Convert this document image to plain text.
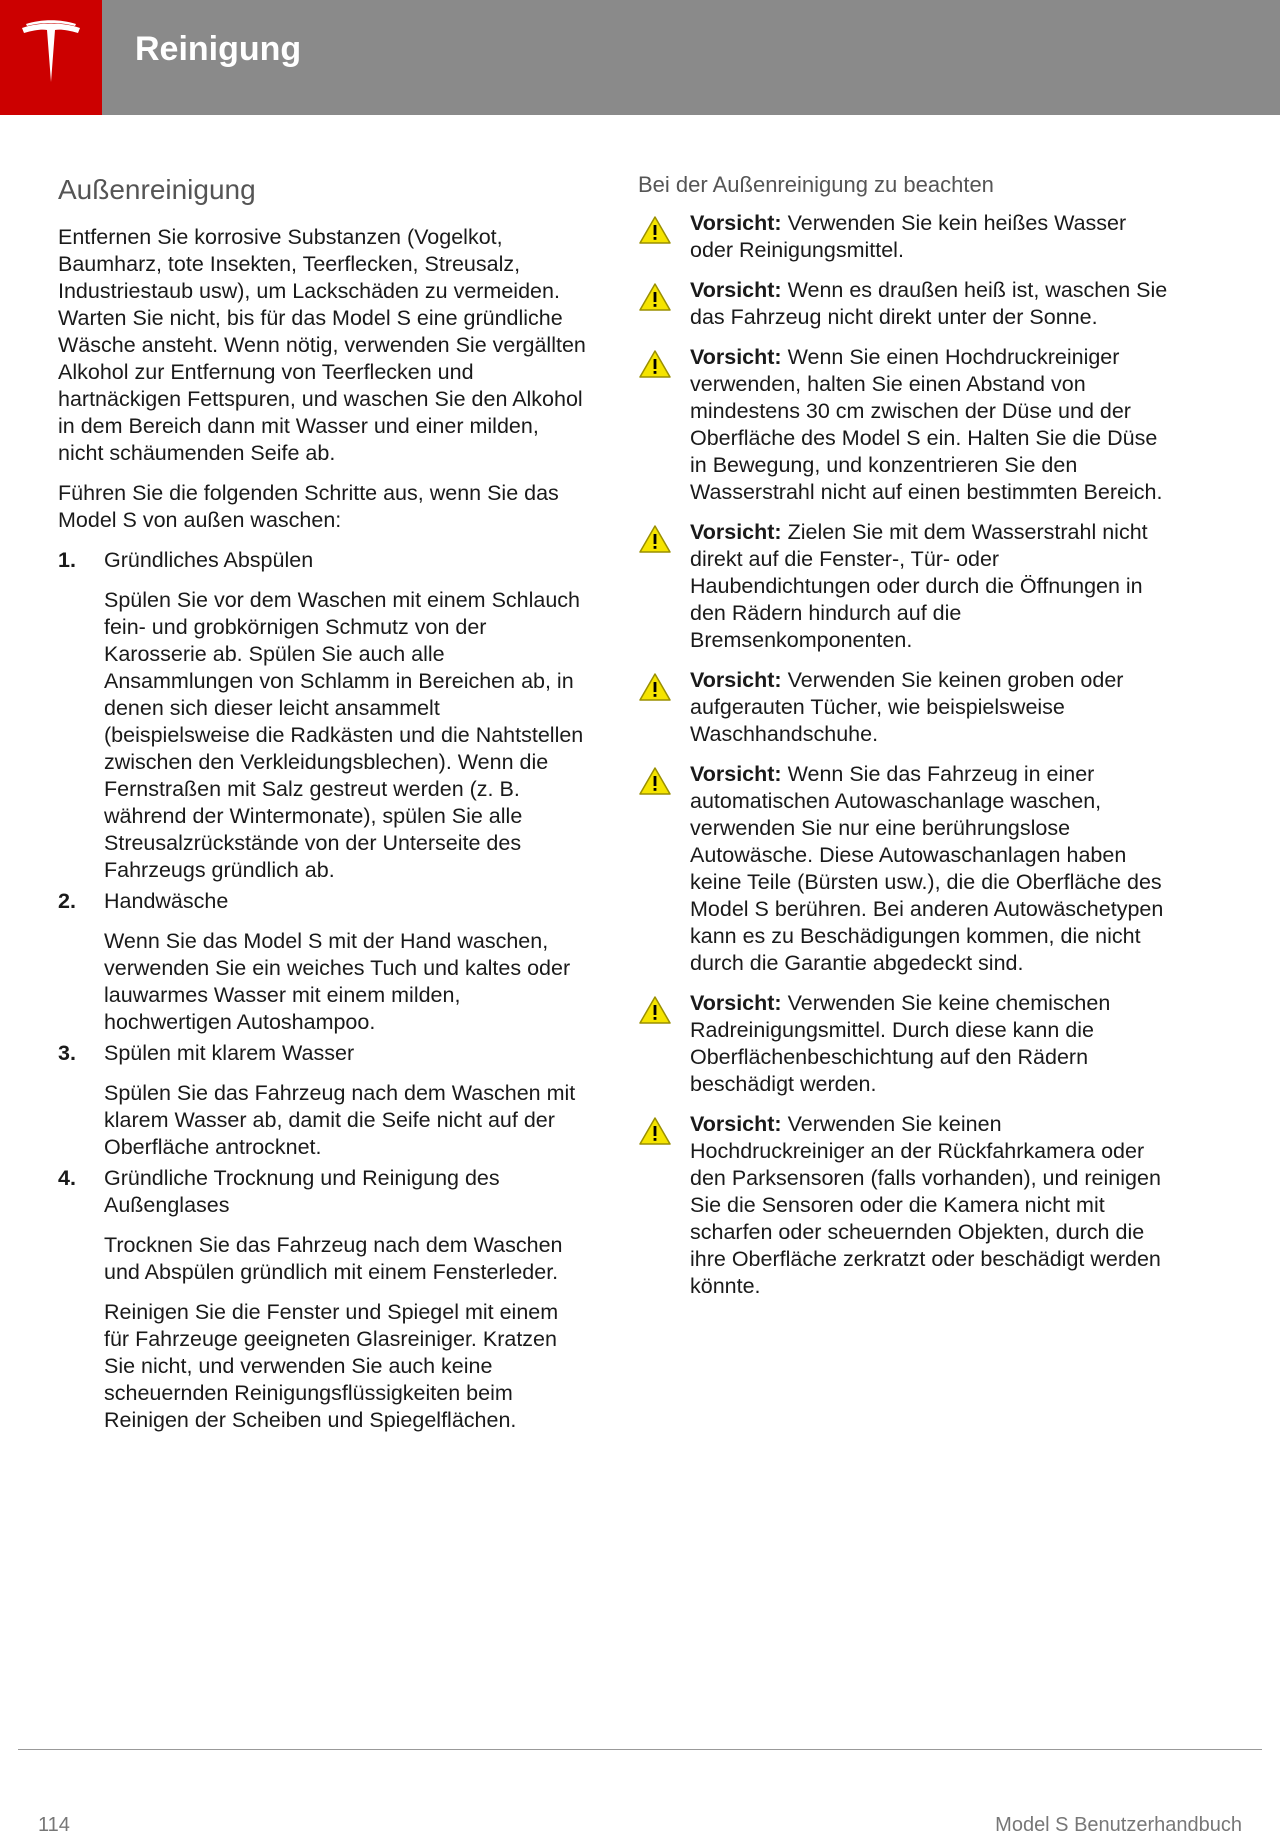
Reinigung
Außenreinigung

Entfernen Sie korrosive Substanzen (Vogelkot, Baumharz, tote Insekten, Teerflecken, Streusalz, Industriestaub usw), um Lackschäden zu vermeiden. Warten Sie nicht, bis für das Model S eine gründliche Wäsche ansteht. Wenn nötig, verwenden Sie vergällten Alkohol zur Entfernung von Teerflecken und hartnäckigen Fettspuren, und waschen Sie den Alkohol in dem Bereich dann mit Wasser und einer milden, nicht schäumenden Seife ab.

Führen Sie die folgenden Schritte aus, wenn Sie das Model S von außen waschen:

1. Gründliches Abspülen
Spülen Sie vor dem Waschen mit einem Schlauch fein- und grobkörnigen Schmutz von der Karosserie ab. Spülen Sie auch alle Ansammlungen von Schlamm in Bereichen ab, in denen sich dieser leicht ansammelt (beispielsweise die Radkästen und die Nahtstellen zwischen den Verkleidungsblechen). Wenn die Fernstraßen mit Salz gestreut werden (z. B. während der Wintermonate), spülen Sie alle Streusalzrückstände von der Unterseite des Fahrzeugs gründlich ab.
2. Handwäsche
Wenn Sie das Model S mit der Hand waschen, verwenden Sie ein weiches Tuch und kaltes oder lauwarmes Wasser mit einem milden, hochwertigen Autoshampoo.
3. Spülen mit klarem Wasser
Spülen Sie das Fahrzeug nach dem Waschen mit klarem Wasser ab, damit die Seife nicht auf der Oberfläche antrocknet.
4. Gründliche Trocknung und Reinigung des Außenglases
Trocknen Sie das Fahrzeug nach dem Waschen und Abspülen gründlich mit einem Fensterleder.
Reinigen Sie die Fenster und Spiegel mit einem für Fahrzeuge geeigneten Glasreiniger. Kratzen Sie nicht, und verwenden Sie auch keine scheuernden Reinigungsflüssigkeiten beim Reinigen der Scheiben und Spiegelflächen.
Bei der Außenreinigung zu beachten
Vorsicht: Verwenden Sie kein heißes Wasser oder Reinigungsmittel.
Vorsicht: Wenn es draußen heiß ist, waschen Sie das Fahrzeug nicht direkt unter der Sonne.
Vorsicht: Wenn Sie einen Hochdruckreiniger verwenden, halten Sie einen Abstand von mindestens 30 cm zwischen der Düse und der Oberfläche des Model S ein. Halten Sie die Düse in Bewegung, und konzentrieren Sie den Wasserstrahl nicht auf einen bestimmten Bereich.
Vorsicht: Zielen Sie mit dem Wasserstrahl nicht direkt auf die Fenster-, Tür- oder Haubendichtungen oder durch die Öffnungen in den Rädern hindurch auf die Bremsenkomponenten.
Vorsicht: Verwenden Sie keinen groben oder aufgerauten Tücher, wie beispielsweise Waschhandschuhe.
Vorsicht: Wenn Sie das Fahrzeug in einer automatischen Autowaschanlage waschen, verwenden Sie nur eine berührungslose Autowäsche. Diese Autowaschanlagen haben keine Teile (Bürsten usw.), die die Oberfläche des Model S berühren. Bei anderen Autowäschetypen kann es zu Beschädigungen kommen, die nicht durch die Garantie abgedeckt sind.
Vorsicht: Verwenden Sie keine chemischen Radreinigungsmittel. Durch diese kann die Oberflächenbeschichtung auf den Rädern beschädigt werden.
Vorsicht: Verwenden Sie keinen Hochdruckreiniger an der Rückfahrkamera oder den Parksensoren (falls vorhanden), und reinigen Sie die Sensoren oder die Kamera nicht mit scharfen oder scheuernden Objekten, durch die ihre Oberfläche zerkratzt oder beschädigt werden könnte.
114	Model S Benutzerhandbuch
